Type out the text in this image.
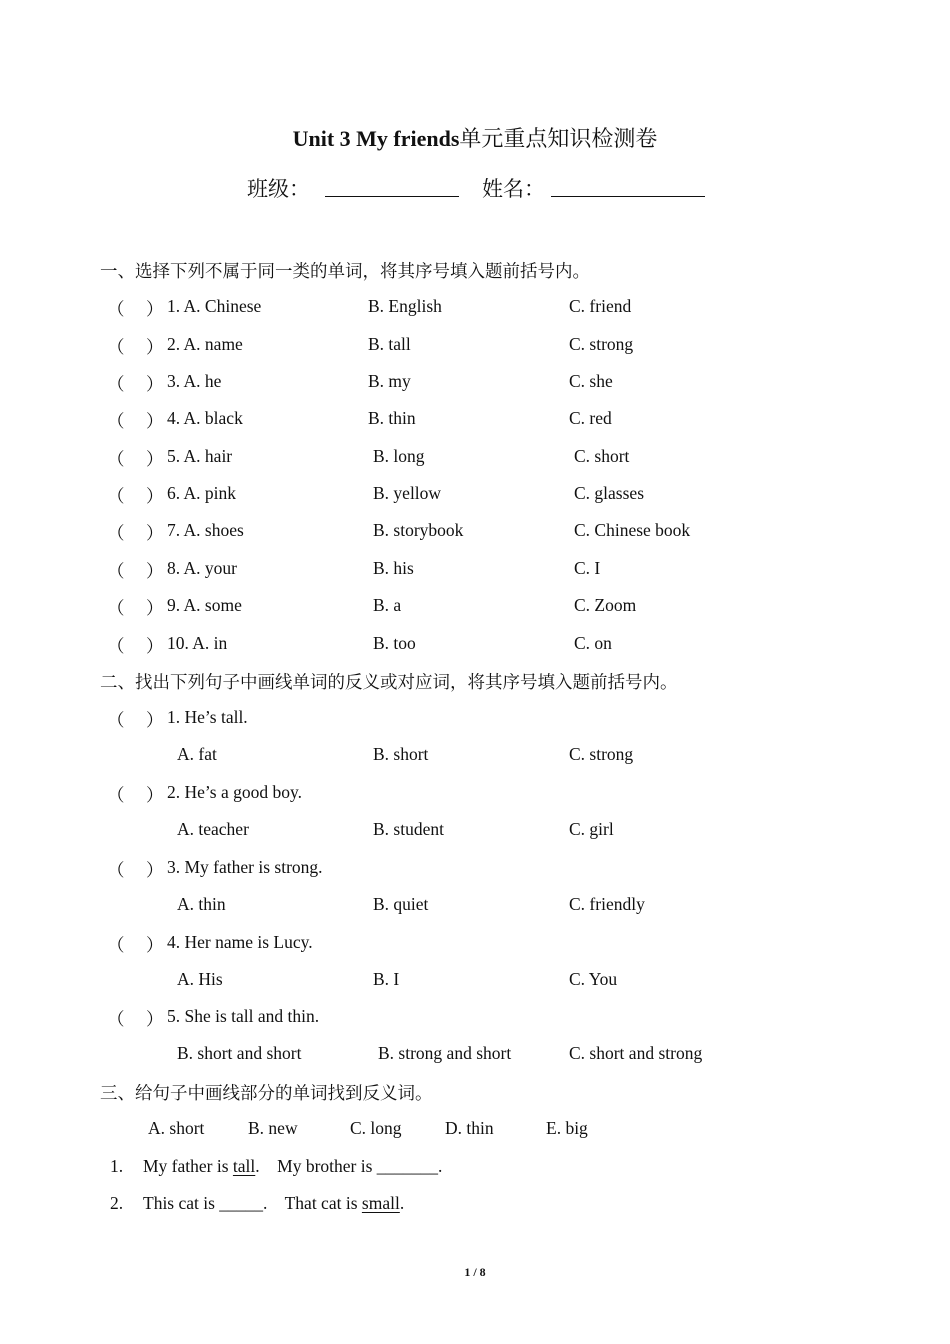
Unit 3 My friends单元重点知识检测卷
班级：	姓名：
一、选择下列不属于同一类的单词，将其序号填入题前括号内。
（ ） 1. A. Chinese	B. English	C. friend
（ ） 2. A. name	B. tall	C. strong
（ ） 3. A. he	B. my	C. she
（ ） 4. A. black	B. thin	C. red
（ ） 5. A. hair	B. long	C. short
（ ） 6. A. pink	B. yellow	C. glasses
（ ） 7. A. shoes	B. storybook	C. Chinese book
（ ） 8. A. your	B. his	C. I
（ ） 9. A. some	B. a	C. Zoom
（ ） 10. A. in	B. too	C. on
二、找出下列句子中画线单词的反义或对应词，将其序号填入题前括号内。
（ ） 1. He’s tall.
A. fat	B. short	C. strong
（ ） 2. He’s a good boy.
A. teacher	B. student	C. girl
（ ） 3. My father is strong.
A. thin	B. quiet	C. friendly
（ ） 4. Her name is Lucy.
A. His	B. I	C. You
（ ） 5. She is tall and thin.
B. short and short	B. strong and short	C. short and strong
三、给句子中画线部分的单词找到反义词。
A. short B. new	C. long D. thin	E. big
1. My father is tall.    My brother is _______.
2. This cat is _____.    That cat is small.
1 / 8
